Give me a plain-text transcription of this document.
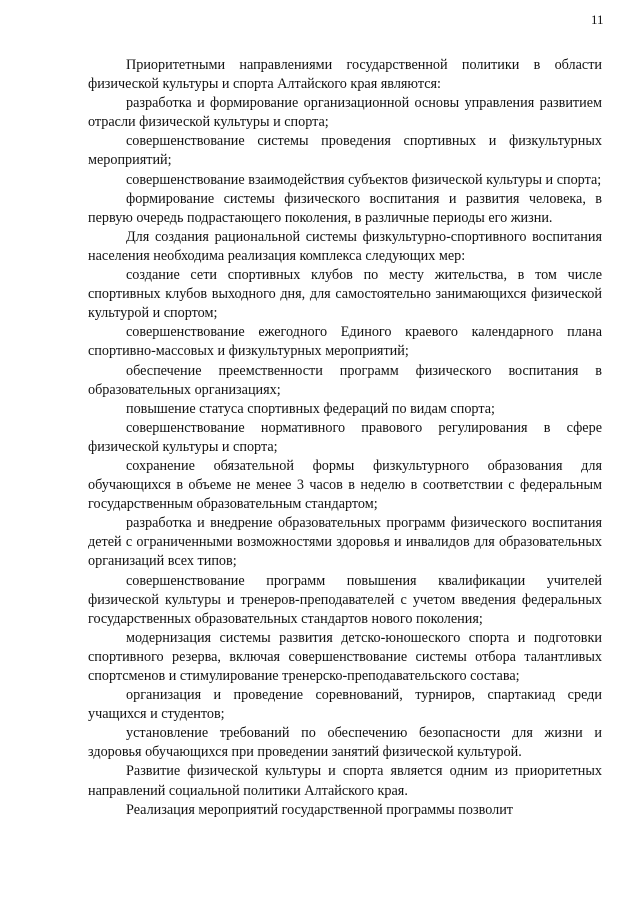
11

Приоритетными направлениями государственной политики в области физической культуры и спорта Алтайского края являются:

разработка и формирование организационной основы управления развитием отрасли физической культуры и спорта;

совершенствование системы проведения спортивных и физкультурных мероприятий;

совершенствование взаимодействия субъектов физической культуры и спорта;

формирование системы физического воспитания и развития человека, в первую очередь подрастающего поколения, в различные периоды его жизни.

Для создания рациональной системы физкультурно-спортивного воспитания населения необходима реализация комплекса следующих мер:

создание сети спортивных клубов по месту жительства, в том числе спортивных клубов выходного дня, для самостоятельно занимающихся физической культурой и спортом;

совершенствование ежегодного Единого краевого календарного плана спортивно-массовых и физкультурных мероприятий;

обеспечение преемственности программ физического воспитания в образовательных организациях;

повышение статуса спортивных федераций по видам спорта;

совершенствование нормативного правового регулирования в сфере физической культуры и спорта;

сохранение обязательной формы физкультурного образования для обучающихся в объеме не менее 3 часов в неделю в соответствии с федеральным государственным образовательным стандартом;

разработка и внедрение образовательных программ физического воспитания детей с ограниченными возможностями здоровья и инвалидов для образовательных организаций всех типов;

совершенствование программ повышения квалификации учителей физической культуры и тренеров-преподавателей с учетом введения федеральных государственных образовательных стандартов нового поколения;

модернизация системы развития детско-юношеского спорта и подготовки спортивного резерва, включая совершенствование системы отбора талантливых спортсменов и стимулирование тренерско-преподавательского состава;

организация и проведение соревнований, турниров, спартакиад среди учащихся и студентов;

установление требований по обеспечению безопасности для жизни и здоровья обучающихся при проведении занятий физической культурой.

Развитие физической культуры и спорта является одним из приоритетных направлений социальной политики Алтайского края.

Реализация мероприятий государственной программы позволит
